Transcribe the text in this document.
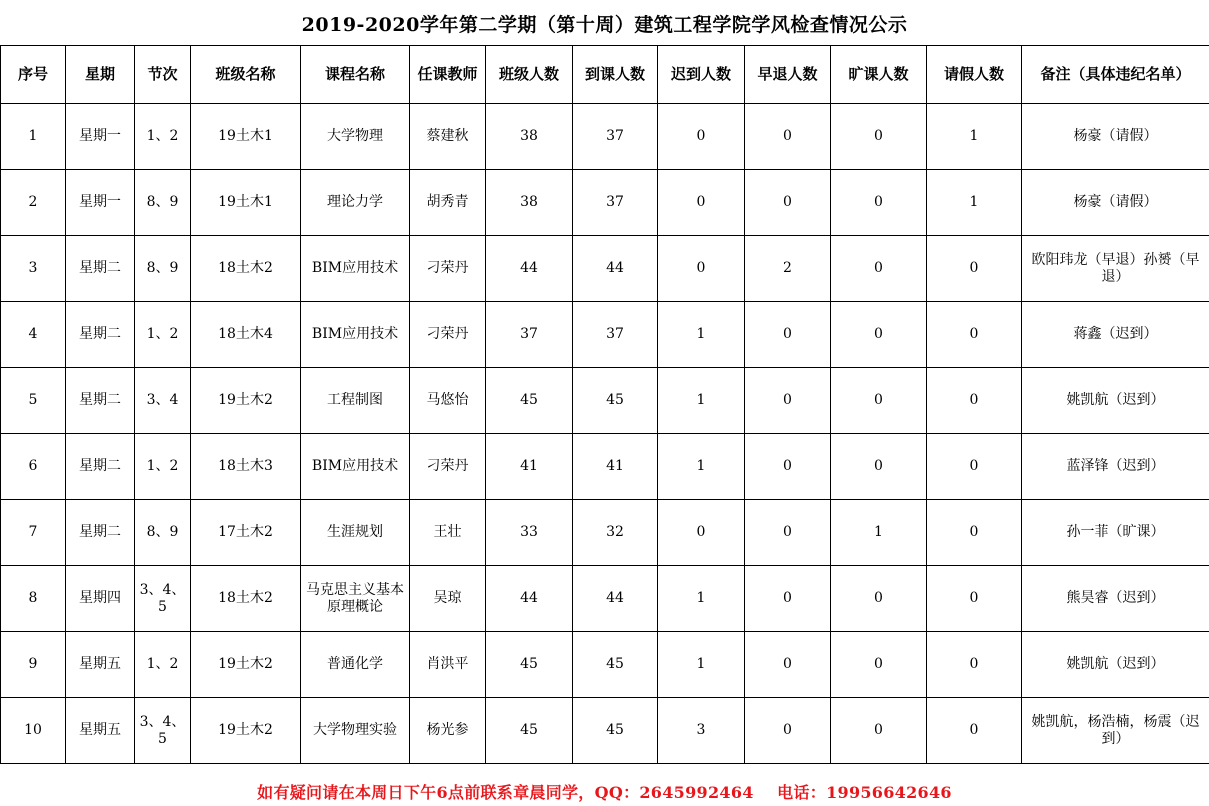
2019-2020学年第二学期（第十周）建筑工程学院学风检查情况公示
序号	星期	节次	班级名称	课程名称	任课教师	班级人数	到课人数	迟到人数	早退人数	旷课人数	请假人数	备注（具体违纪名单）
1	星期一	1、2	19土木1	大学物理	蔡建秋	38	37	0	0	0	1	杨豪（请假）
2	星期一	8、9	19土木1	理论力学	胡秀青	38	37	0	0	0	1	杨豪（请假）
3	星期二	8、9	18土木2	BIM应用技术	刁荣丹	44	44	0	2	0	0	欧阳玮龙（早退）孙赟（早退）
4	星期二	1、2	18土木4	BIM应用技术	刁荣丹	37	37	1	0	0	0	蒋鑫（迟到）
5	星期二	3、4	19土木2	工程制图	马悠怡	45	45	1	0	0	0	姚凯航（迟到）
6	星期二	1、2	18土木3	BIM应用技术	刁荣丹	41	41	1	0	0	0	蓝泽锋（迟到）
7	星期二	8、9	17土木2	生涯规划	王壮	33	32	0	0	1	0	孙一菲（旷课）
8	星期四	3、4、5	18土木2	马克思主义基本原理概论	吴琼	44	44	1	0	0	0	熊昊睿（迟到）
9	星期五	1、2	19土木2	普通化学	肖洪平	45	45	1	0	0	0	姚凯航（迟到）
10	星期五	3、4、5	19土木2	大学物理实验	杨光参	45	45	3	0	0	0	姚凯航，杨浩楠，杨震（迟到）
如有疑问请在本周日下午6点前联系章晨同学，QQ：2645992464    电话：19956642646
